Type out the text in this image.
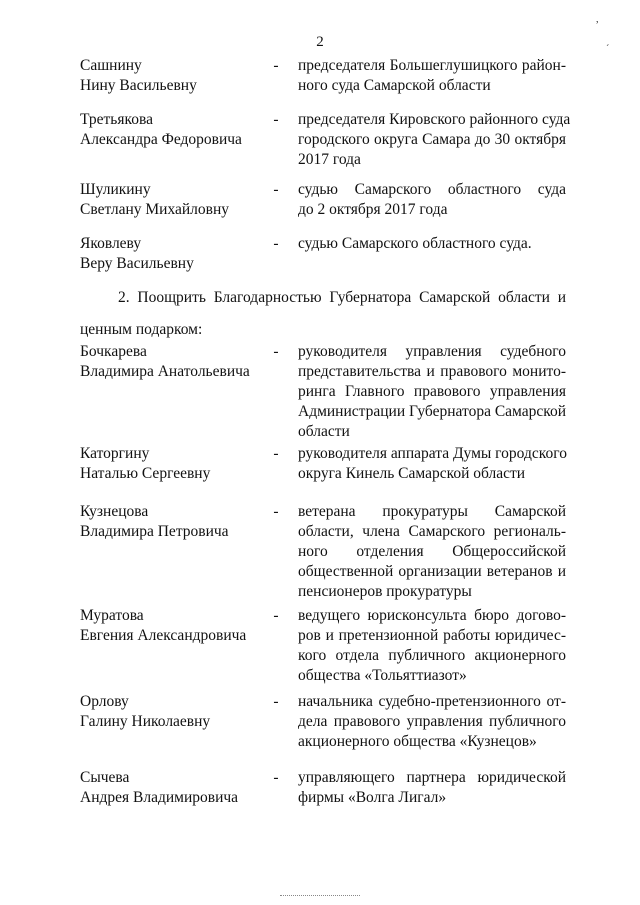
2
Сашнину
Нину Васильевну
- председателя Большеглушицкого район-
ного суда Самарской области
Третьякова
Александра Федоровича
- председателя Кировского районного суда
городского округа Самара до 30 октября
2017 года
Шуликину
Светлану Михайловну
- судью Самарского областного суда
до 2 октября 2017 года
Яковлеву
Веру Васильевну
- судью Самарского областного суда.
2. Поощрить Благодарностью Губернатора Самарской области и
ценным подарком:
Бочкарева
Владимира Анатольевича
- руководителя управления судебного
представительства и правового монито-
ринга Главного правового управления
Администрации Губернатора Самарской
области
Каторгину
Наталью Сергеевну
- руководителя аппарата Думы городского
округа Кинель Самарской области
Кузнецова
Владимира Петровича
- ветерана прокуратуры Самарской
области, члена Самарского региональ-
ного отделения Общероссийской
общественной организации ветеранов и
пенсионеров прокуратуры
Муратова
Евгения Александровича
- ведущего юрисконсульта бюро догово-
ров и претензионной работы юридичес-
кого отдела публичного акционерного
общества «Тольяттиазот»
Орлову
Галину Николаевну
- начальника судебно-претензионного от-
дела правового управления публичного
акционерного общества «Кузнецов»
Сычева
Андрея Владимировича
- управляющего партнера юридической
фирмы «Волга Лигал»
,
´
